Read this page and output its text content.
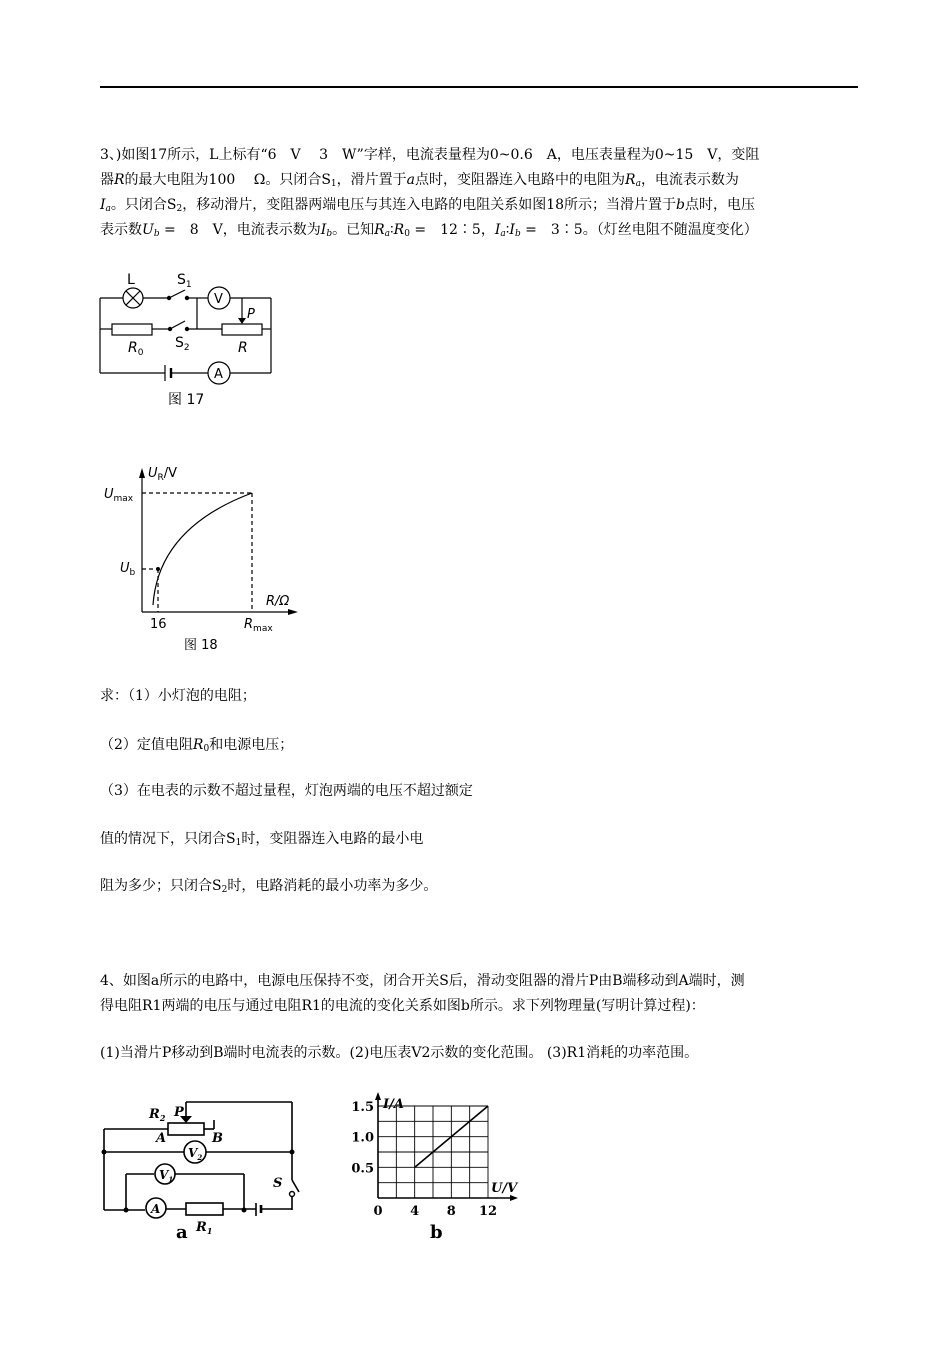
3、)如图17所示，L上标有“6　V　 3　W”字样，电流表量程为0~0.6　A，电压表量程为0~15　V，变阻
器R的最大电阻为100　 Ω。只闭合$S_1$，滑片置于a点时，变阻器连入电路中的电阻为$R_a$，电流表示数为
$I_a$。只闭合$S_2$，移动滑片，变阻器两端电压与其连入电路的电阻关系如图18所示；当滑片置于b点时，电压
表示数$U_b$ =　8　V，电流表示数为$I_b$。已知$R_a∶R_0$ =　12∶5，$I_a∶I_b$ =　3∶5。（灯丝电阻不随温度变化）
L	$S_1$
V
P
$R_0$
$S_2$	R
A
图 17
$U_R/V$
$U_{max}$
$U_b$
R/Ω
16	$R_{max}$
图 18
求：（1）小灯泡的电阻；
（2）定值电阻$R_0$和电源电压；
（3）在电表的示数不超过量程，灯泡两端的电压不超过额定
值的情况下，只闭合$S_1$时，变阻器连入电路的最小电
阻为多少；只闭合$S_2$时，电路消耗的最小功率为多少。
4、如图a所示的电路中，电源电压保持不变，闭合开关S后，滑动变阻器的滑片P由B端移动到A端时，测
得电阻R1两端的电压与通过电阻R1的电流的变化关系如图b所示。求下列物理量(写明计算过程)：
(1)当滑片P移动到B端时电流表的示数。(2)电压表V2示数的变化范围。 (3)R1消耗的功率范围。
$R_2$ P
A	B
$V_2$
$V_1$
A
$R_1$
S
a
0 4 8 12
1.5
1.0
0.5
I/A
U/V
b
